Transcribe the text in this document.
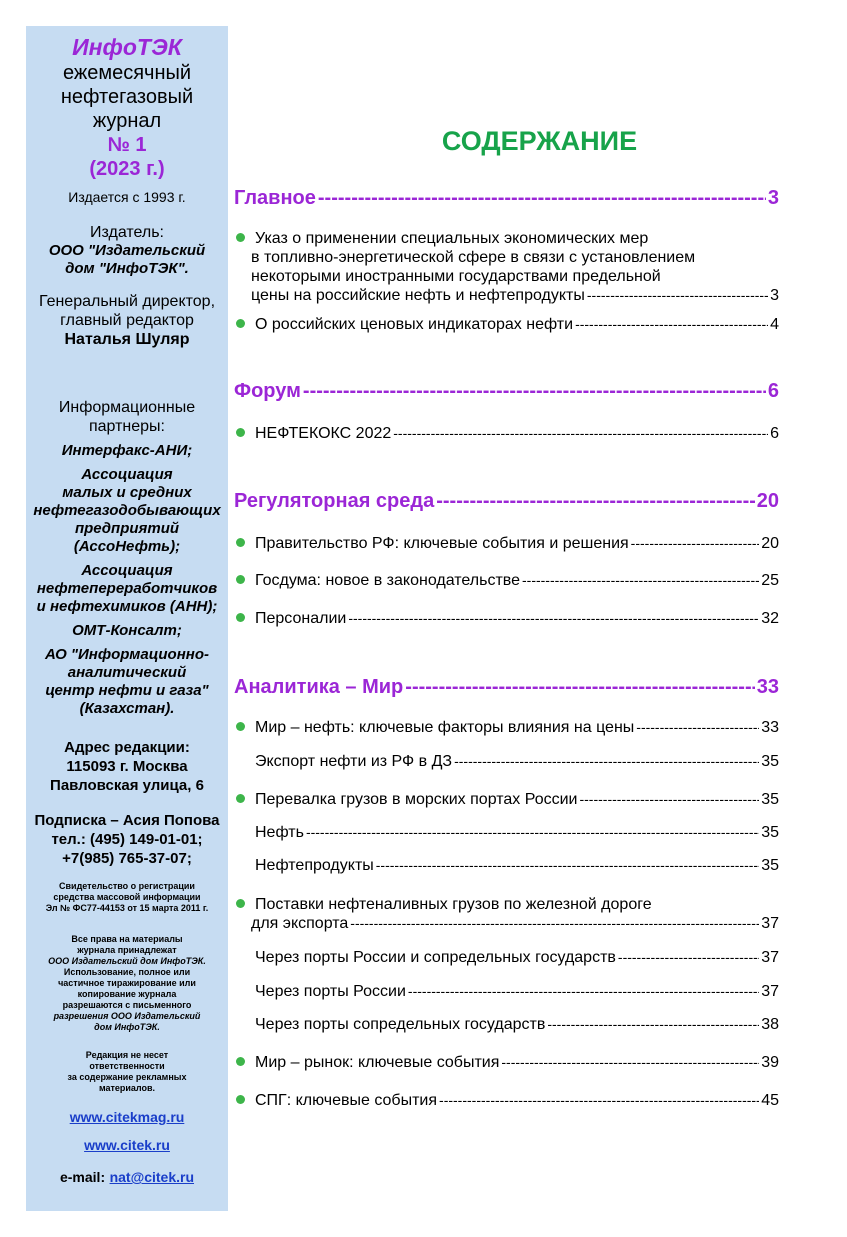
ИнфоТЭК
ежемесячный
нефтегазовый
журнал
№ 1
(2023 г.)
Издается с 1993 г.
Издатель:
ООО "Издательский
дом "ИнфоТЭК".
Генеральный директор,
главный редактор
Наталья Шуляр
Информационные
партнеры:
Интерфакс-АНИ;
Ассоциация
малых и средних
нефтегазодобывающих
предприятий
(АссоНефть);
Ассоциация
нефтепереработчиков
и нефтехимиков (АНН);
ОМТ-Консалт;
АО "Информационно-
аналитический
центр нефти и газа"
(Казахстан).
Адрес редакции:
115093 г. Москва
Павловская улица, 6
Подписка – Асия Попова
тел.: (495) 149-01-01;
+7(985) 765-37-07;
Свидетельство о регистрации
средства массовой информации
Эл № ФС77-44153 от 15 марта 2011 г.
Все права на материалы
журнала принадлежат
ООО Издательский дом ИнфоТЭК.
Использование, полное или
частичное тиражирование или
копирование журнала
разрешаются с письменного
разрешения ООО Издательский
дом ИнфоТЭК.
Редакция не несет
ответственности
за содержание рекламных
материалов.
www.citekmag.ru
www.citek.ru
e-mail: nat@citek.ru
СОДЕРЖАНИЕ
Главное -----	3
Указ о применении специальных экономических мер
в топливно-энергетической сфере в связи с установлением
некоторыми иностранными государствами предельной
цены на российские нефть и нефтепродукты -----	3
О российских ценовых индикаторах нефти -----	4
Форум -----	6
НЕФТЕКОКС 2022 -----	6
Регуляторная среда -----	20
Правительство РФ: ключевые события и решения -----	20
Госдума: новое в законодательстве -----	25
Персоналии -----	32
Аналитика – Мир -----	33
Мир – нефть: ключевые факторы влияния на цены -----	33
Экспорт нефти из РФ в ДЗ -----	35
Перевалка грузов в морских портах России -----	35
Нефть -----	35
Нефтепродукты -----	35
Поставки нефтеналивных грузов по железной дороге
для экспорта -----	37
Через порты России и сопредельных государств -----	37
Через порты России -----	37
Через порты сопредельных государств -----	38
Мир – рынок: ключевые события -----	39
СПГ: ключевые события -----	45
